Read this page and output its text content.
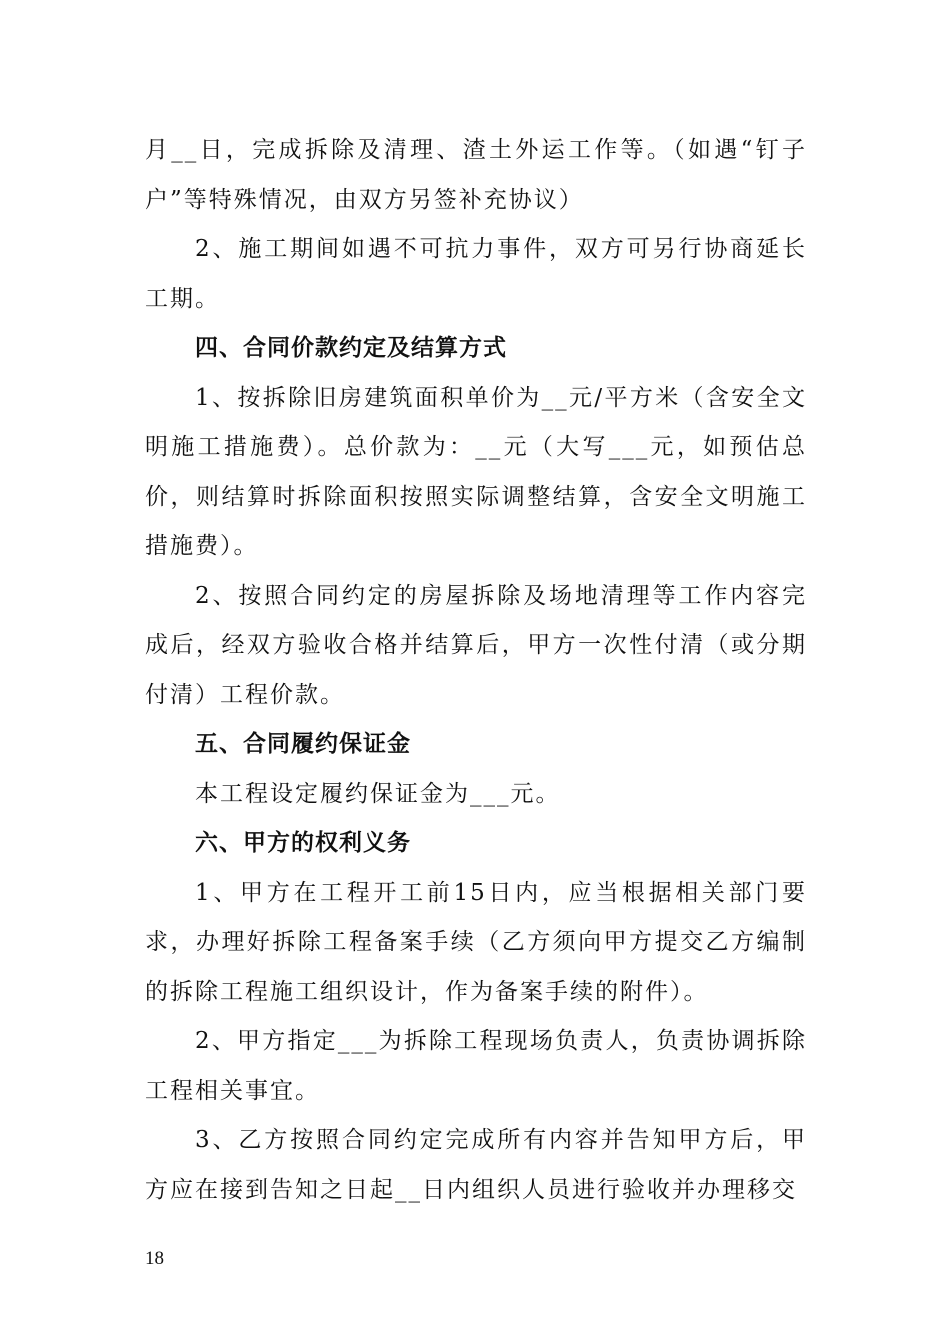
月__日，完成拆除及清理、渣土外运工作等。（如遇“钉子户”等特殊情况，由双方另签补充协议）

2、施工期间如遇不可抗力事件，双方可另行协商延长工期。

四、合同价款约定及结算方式

1、按拆除旧房建筑面积单价为__元/平方米（含安全文明施工措施费）。总价款为：__元（大写___元，如预估总价，则结算时拆除面积按照实际调整结算，含安全文明施工措施费）。

2、按照合同约定的房屋拆除及场地清理等工作内容完成后，经双方验收合格并结算后，甲方一次性付清（或分期付清）工程价款。

五、合同履约保证金

本工程设定履约保证金为___元。

六、甲方的权利义务

1、甲方在工程开工前15日内，应当根据相关部门要求，办理好拆除工程备案手续（乙方须向甲方提交乙方编制的拆除工程施工组织设计，作为备案手续的附件）。

2、甲方指定___为拆除工程现场负责人，负责协调拆除工程相关事宜。

3、乙方按照合同约定完成所有内容并告知甲方后，甲方应在接到告知之日起__日内组织人员进行验收并办理移交

18
